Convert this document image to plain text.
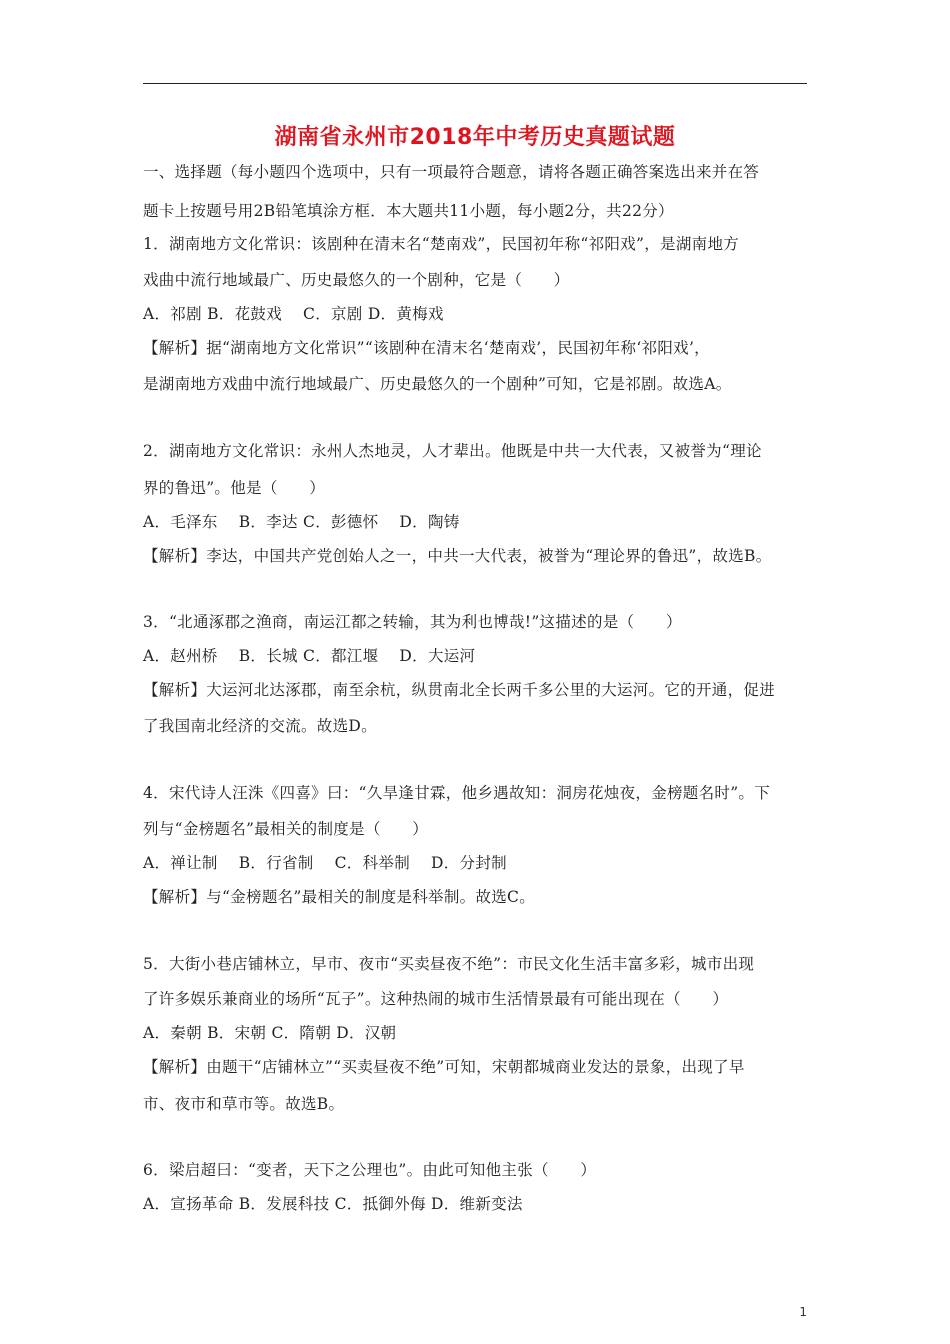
湖南省永州市2018年中考历史真题试题
一、选择题（每小题四个选项中，只有一项最符合题意，请将各题正确答案选出来并在答
题卡上按题号用2B铅笔填涂方框．本大题共11小题，每小题2分，共22分）
1．湖南地方文化常识：该剧种在清末名“楚南戏”，民国初年称“祁阳戏”，是湖南地方
戏曲中流行地域最广、历史最悠久的一个剧种，它是（　　）
A．祁剧 B．花鼓戏　 C．京剧 D．黄梅戏
【解析】据“湖南地方文化常识”“该剧种在清末名‘楚南戏’，民国初年称‘祁阳戏’，
是湖南地方戏曲中流行地域最广、历史最悠久的一个剧种”可知，它是祁剧。故选A。
2．湖南地方文化常识：永州人杰地灵，人才辈出。他既是中共一大代表，又被誉为“理论
界的鲁迅”。他是（　　）
A．毛泽东　 B．李达 C．彭德怀　 D．陶铸
【解析】李达，中国共产党创始人之一，中共一大代表，被誉为“理论界的鲁迅”，故选B。
3．“北通涿郡之渔商，南运江都之转输，其为利也博哉!”这描述的是（　　）
A．赵州桥　 B．长城 C．都江堰　 D．大运河
【解析】大运河北达涿郡，南至余杭，纵贯南北全长两千多公里的大运河。它的开通，促进
了我国南北经济的交流。故选D。
4．宋代诗人汪洙《四喜》曰：“久旱逢甘霖，他乡遇故知：洞房花烛夜，金榜题名时”。下
列与“金榜题名”最相关的制度是（　　）
A．禅让制　 B．行省制　 C．科举制　 D．分封制
【解析】与“金榜题名”最相关的制度是科举制。故选C。
5．大街小巷店铺林立，早市、夜市“买卖昼夜不绝”：市民文化生活丰富多彩，城市出现
了许多娱乐兼商业的场所“瓦子”。这种热闹的城市生活情景最有可能出现在（　　）
A．秦朝 B．宋朝 C．隋朝 D．汉朝
【解析】由题干“店铺林立”“买卖昼夜不绝”可知，宋朝都城商业发达的景象，出现了早
市、夜市和草市等。故选B。
6．梁启超曰：“变者，天下之公理也”。由此可知他主张（　　）
A．宣扬革命 B．发展科技 C．抵御外侮 D．维新变法
1
